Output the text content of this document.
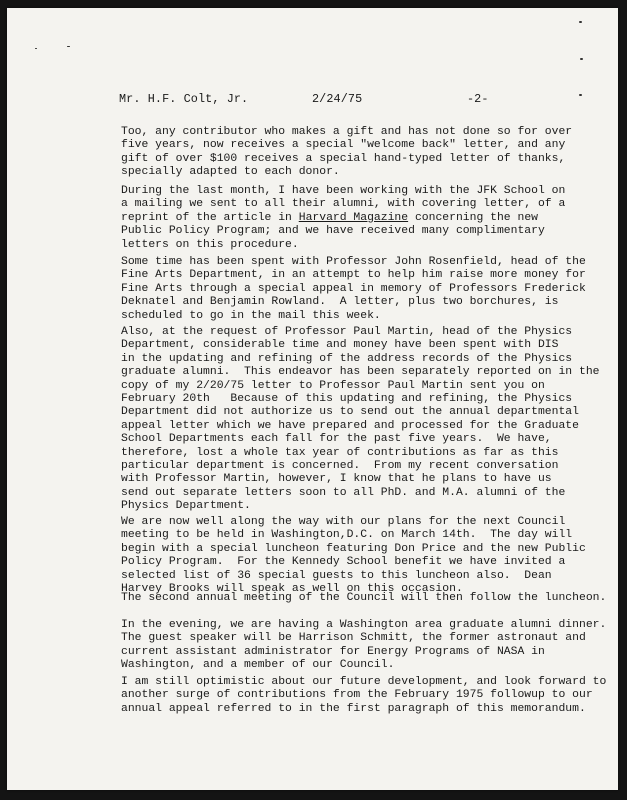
Mr. H.F. Colt, Jr.	2/24/75	-2-
Too, any contributor who makes a gift and has not done so for over
five years, now receives a special "welcome back" letter, and any
gift of over $100 receives a special hand-typed letter of thanks,
specially adapted to each donor.
During the last month, I have been working with the JFK School on
a mailing we sent to all their alumni, with covering letter, of a
reprint of the article in Harvard Magazine concerning the new
Public Policy Program; and we have received many complimentary
letters on this procedure.
Some time has been spent with Professor John Rosenfield, head of the
Fine Arts Department, in an attempt to help him raise more money for
Fine Arts through a special appeal in memory of Professors Frederick
Deknatel and Benjamin Rowland.  A letter, plus two borchures, is
scheduled to go in the mail this week.
Also, at the request of Professor Paul Martin, head of the Physics
Department, considerable time and money have been spent with DIS
in the updating and refining of the address records of the Physics
graduate alumni.  This endeavor has been separately reported on in the
copy of my 2/20/75 letter to Professor Paul Martin sent you on
February 20th   Because of this updating and refining, the Physics
Department did not authorize us to send out the annual departmental
appeal letter which we have prepared and processed for the Graduate
School Departments each fall for the past five years.  We have,
therefore, lost a whole tax year of contributions as far as this
particular department is concerned.  From my recent conversation
with Professor Martin, however, I know that he plans to have us
send out separate letters soon to all PhD. and M.A. alumni of the
Physics Department.
We are now well along the way with our plans for the next Council
meeting to be held in Washington,D.C. on March 14th.  The day will
begin with a special luncheon featuring Don Price and the new Public
Policy Program.  For the Kennedy School benefit we have invited a
selected list of 36 special guests to this luncheon also.  Dean
Harvey Brooks will speak as well on this occasion.
The second annual meeting of the Council will then follow the luncheon.
In the evening, we are having a Washington area graduate alumni dinner.
The guest speaker will be Harrison Schmitt, the former astronaut and
current assistant administrator for Energy Programs of NASA in
Washington, and a member of our Council.
I am still optimistic about our future development, and look forward to
another surge of contributions from the February 1975 followup to our
annual appeal referred to in the first paragraph of this memorandum.
